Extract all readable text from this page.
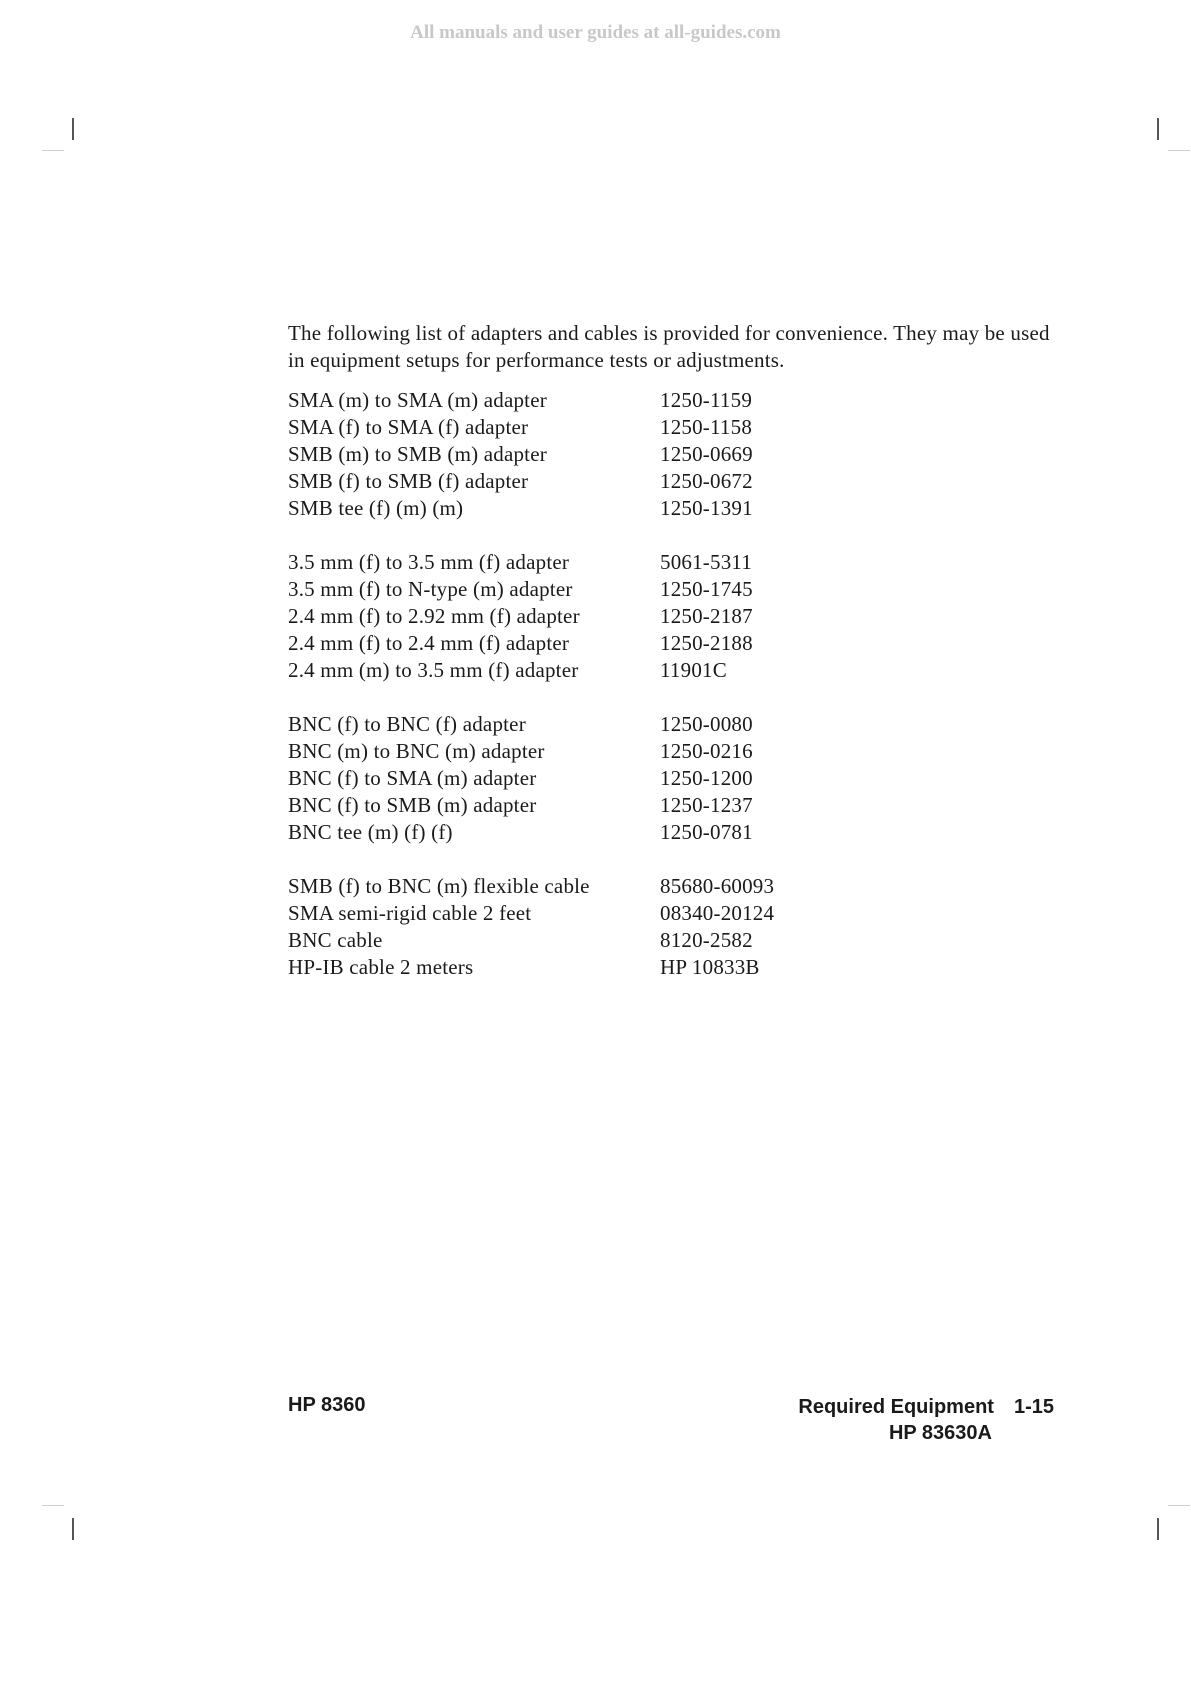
All manuals and user guides at all-guides.com

The following list of adapters and cables is provided for convenience. They may be used in equipment setups for performance tests or adjustments.

SMA (m) to SMA (m) adapter	1250-1159
SMA (f) to SMA (f) adapter	1250-1158
SMB (m) to SMB (m) adapter	1250-0669
SMB (f) to SMB (f) adapter	1250-0672
SMB tee (f) (m) (m)	1250-1391
3.5 mm (f) to 3.5 mm (f) adapter	5061-5311
3.5 mm (f) to N-type (m) adapter	1250-1745
2.4 mm (f) to 2.92 mm (f) adapter	1250-2187
2.4 mm (f) to 2.4 mm (f) adapter	1250-2188
2.4 mm (m) to 3.5 mm (f) adapter	11901C
BNC (f) to BNC (f) adapter	1250-0080
BNC (m) to BNC (m) adapter	1250-0216
BNC (f) to SMA (m) adapter	1250-1200
BNC (f) to SMB (m) adapter	1250-1237
BNC tee (m) (f) (f)	1250-0781
SMB (f) to BNC (m) flexible cable	85680-60093
SMA semi-rigid cable 2 feet	08340-20124
BNC cable	8120-2582
HP-IB cable 2 meters	HP 10833B
HP 8360	Required Equipment 1-15
HP 83630A
